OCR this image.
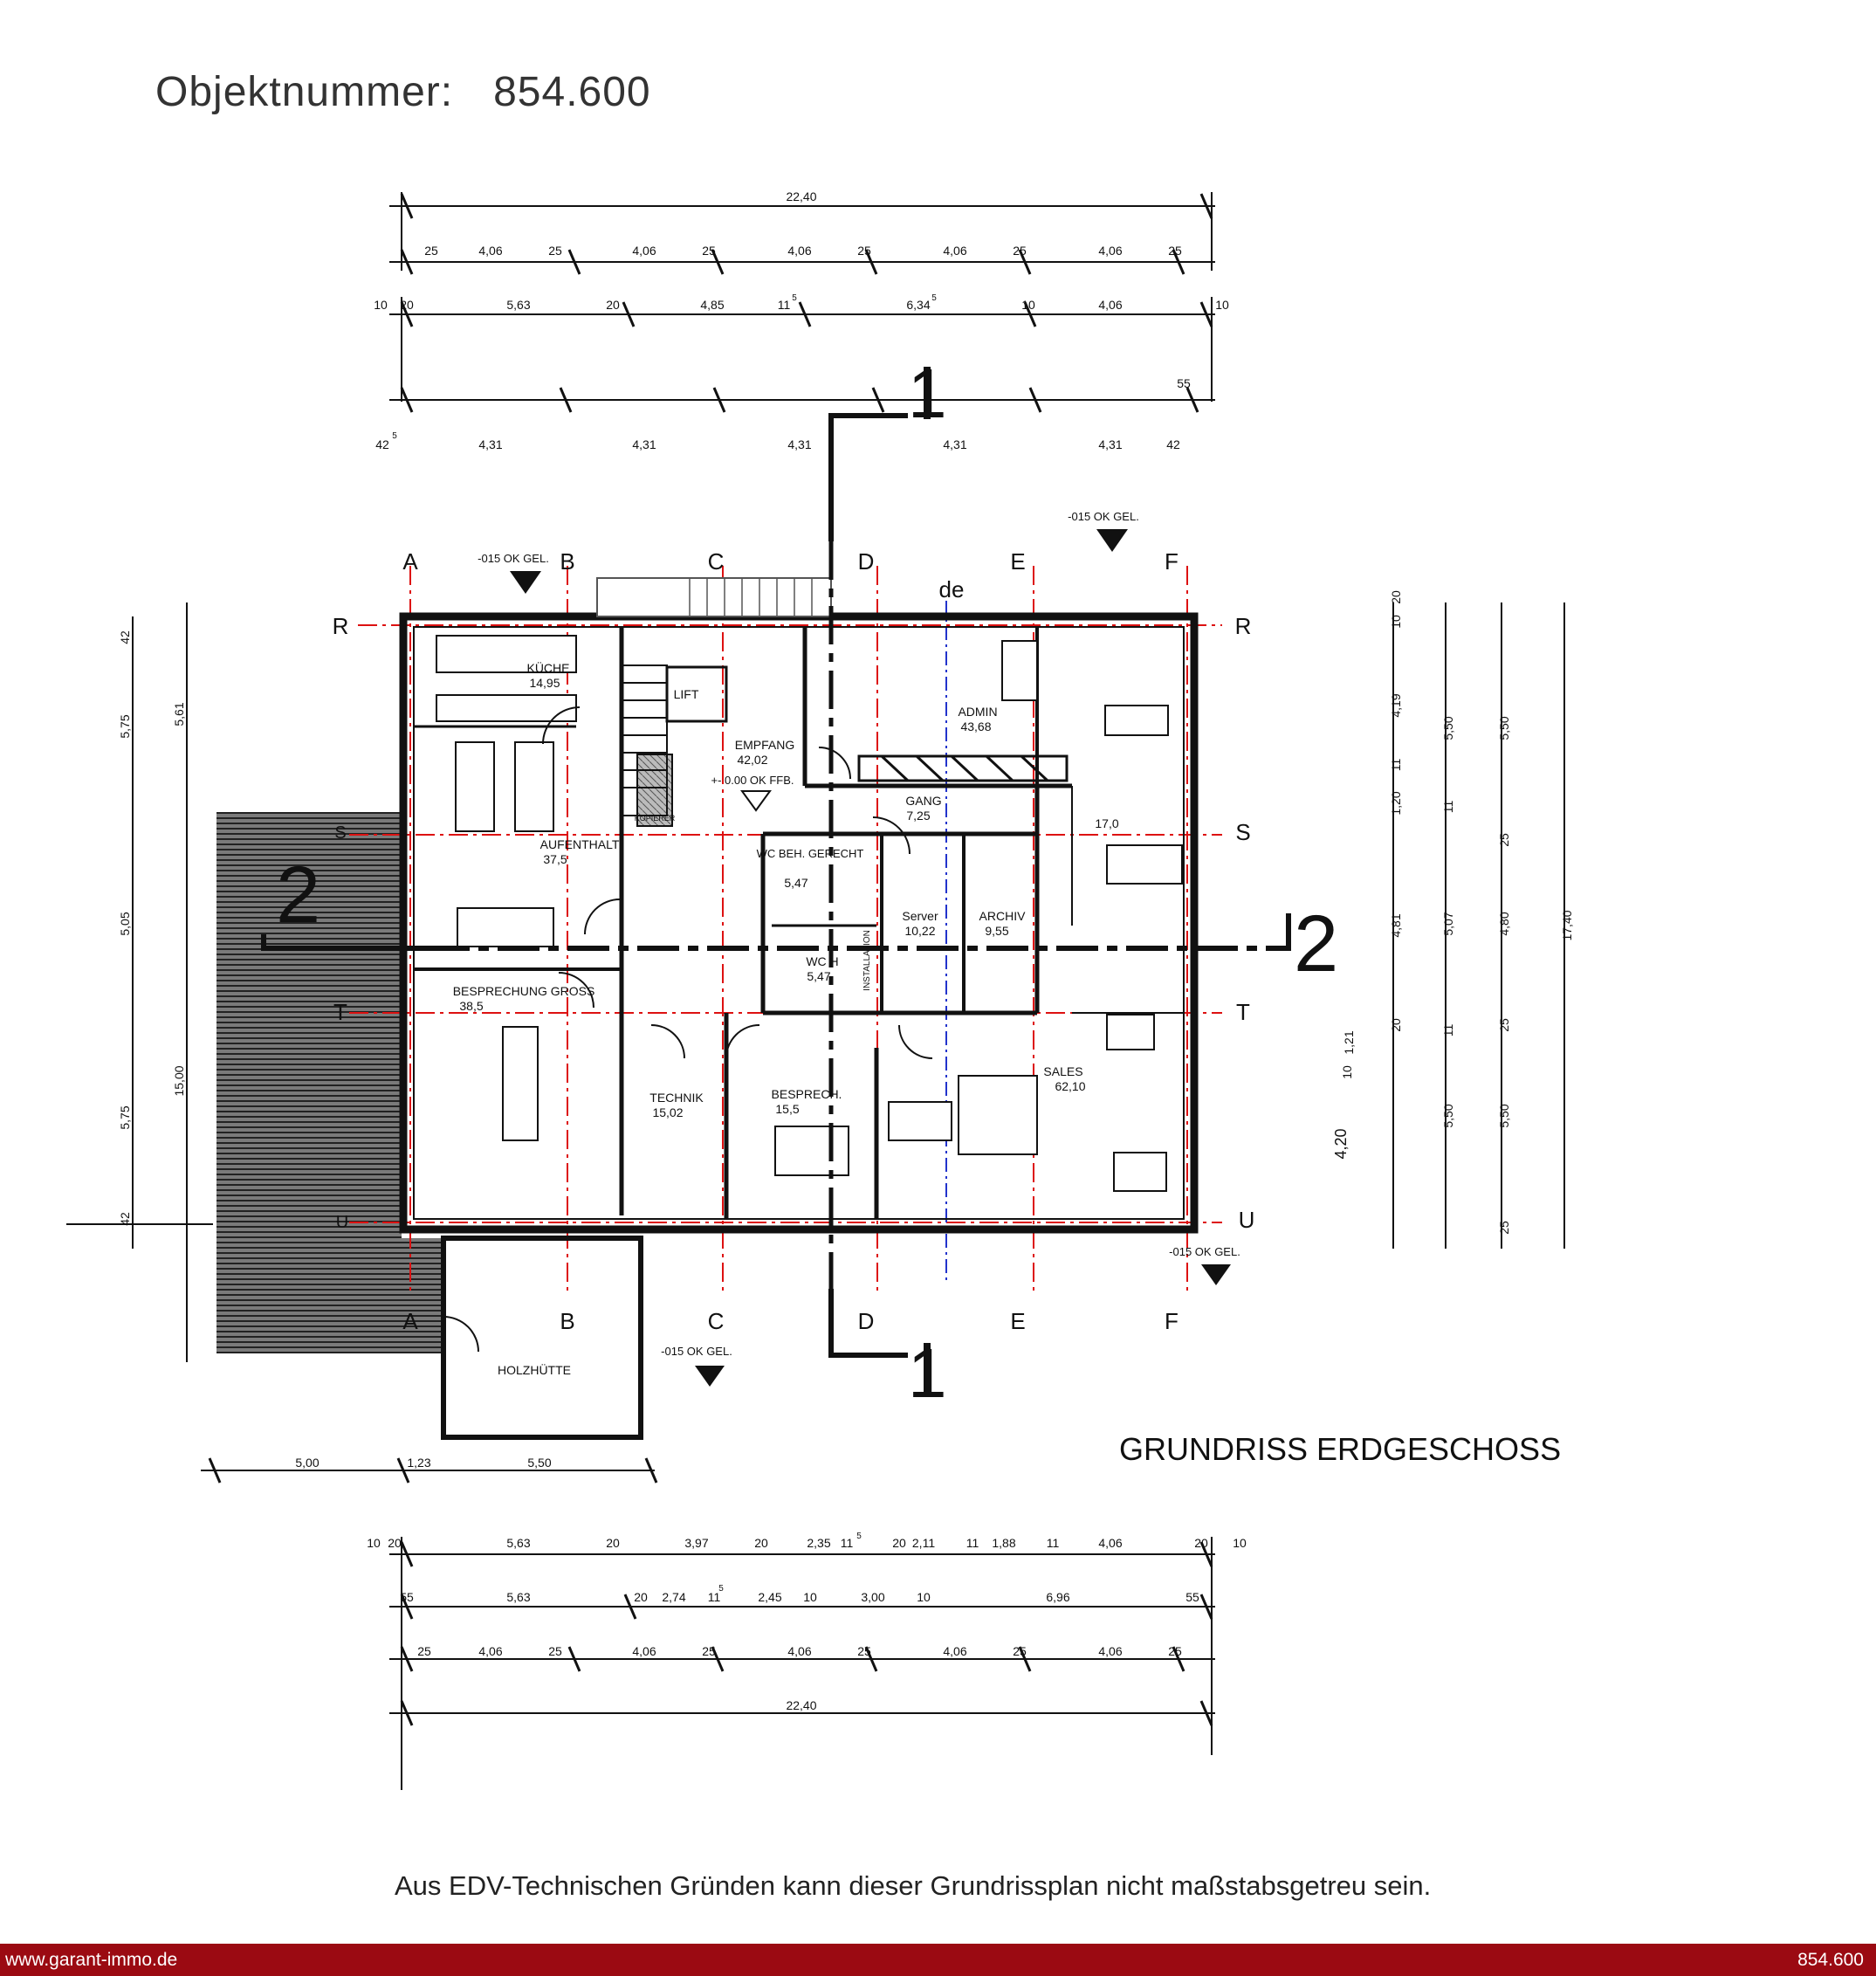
Objektnummer: 854.600
1
1
2
2
A	B	C	D	E	F
A	B	C	D	E	F
R
S
T
U
R
S
T
U
de
-015 OK GEL.
-015 OK GEL.
-015 OK GEL.
-015 OK GEL.
+- 0.00 OK FFB.
KÜCHE
14,95
LIFT
EMPFANG
42,02
ADMIN
43,68
GANG
7,25
17,0
AUFENTHALT
37,5	WC BEH. GERECHT
5,47
Server
10,22
ARCHIV
9,55
WC H
5,47
BESPRECHUNG GROSS
38,5
TECHNIK
15,02
BESPRECH.
15,5
SALES
62,10
HOLZHÜTTE
KOPIERER
INSTALLATION
GRUNDRISS ERDGESCHOSS
22,40
25	4,06	25	4,06	25	4,06	25	4,06	25	4,06	25
10 20	5,63	20	4,85	11	6,34	10	4,06	10
5	5
55
42	4,31	4,31	4,31	4,31	4,31	42
5
5,00	1,23	5,50
10 20	5,63	20	3,97	20	2,35 11	20 2,11	11 1,88	11	4,06	20 10
5
55	5,63	20 2,74 11	2,45 10	3,00	10	6,96	55
5
25	4,06	25	4,06	25	4,06	25	4,06	25	4,06	25
22,40
42
5,75
5,05
5,75
42
5,61
15,00
20
10
4,19
11
1,20
4,81
20
10
1,21
4,20
5,50
11
5,07
11
5,50
5,50
25
4,80
25
5,50
25
17,40
Aus EDV-Technischen Gründen kann dieser Grundrissplan nicht maßstabsgetreu sein.
www.garant-immo.de	854.600
